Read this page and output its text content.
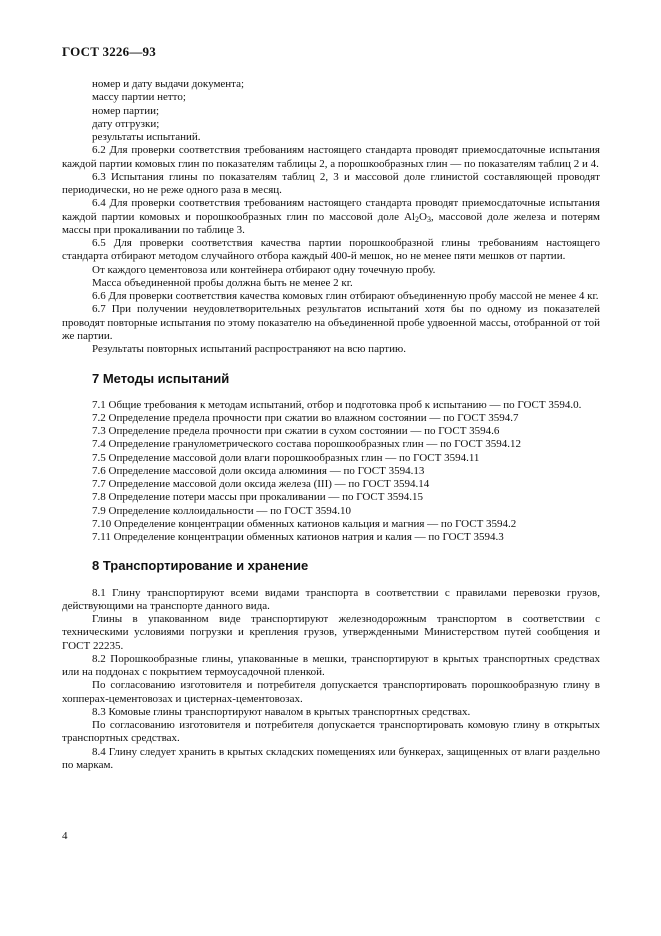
ГОСТ 3226—93

номер и дату выдачи документа;

массу партии нетто;

номер партии;

дату отгрузки;

результаты испытаний.

6.2 Для проверки соответствия требованиям настоящего стандарта проводят приемосдаточные испытания каждой партии комовых глин по показателям таблицы 2, а порошкообразных глин — по показателям таблиц 2 и 4.

6.3 Испытания глины по показателям таблиц 2, 3 и массовой доле глинистой составляющей проводят периодически, но не реже одного раза в месяц.

6.4 Для проверки соответствия требованиям настоящего стандарта проводят приемосдаточные испытания каждой партии комовых и порошкообразных глин по массовой доле $Al_2O_3$, массовой доле железа и потерям массы при прокаливании по таблице 3.

6.5 Для проверки соответствия качества партии порошкообразной глины требованиям настоящего стандарта отбирают методом случайного отбора каждый 400-й мешок, но не менее пяти мешков от партии.

От каждого цементовоза или контейнера отбирают одну точечную пробу.

Масса объединенной пробы должна быть не менее 2 кг.

6.6 Для проверки соответствия качества комовых глин отбирают объединенную пробу массой не менее 4 кг.

6.7 При получении неудовлетворительных результатов испытаний хотя бы по одному из показателей проводят повторные испытания по этому показателю на объединенной пробе удвоенной массы, отобранной от той же партии.

Результаты повторных испытаний распространяют на всю партию.

7 Методы испытаний

7.1 Общие требования к методам испытаний, отбор и подготовка проб к испытанию — по ГОСТ 3594.0.

7.2 Определение предела прочности при сжатии во влажном состоянии — по ГОСТ 3594.7

7.3 Определение предела прочности при сжатии в сухом состоянии — по ГОСТ 3594.6

7.4 Определение гранулометрического состава порошкообразных глин — по ГОСТ 3594.12

7.5 Определение массовой доли влаги порошкообразных глин — по ГОСТ 3594.11

7.6 Определение массовой доли оксида алюминия — по ГОСТ 3594.13

7.7 Определение массовой доли оксида железа (III) — по ГОСТ 3594.14

7.8 Определение потери массы при прокаливании — по ГОСТ 3594.15

7.9 Определение коллоидальности — по ГОСТ 3594.10

7.10 Определение концентрации обменных катионов кальция и магния — по ГОСТ 3594.2

7.11 Определение концентрации обменных катионов натрия и калия — по ГОСТ 3594.3

8 Транспортирование и хранение

8.1 Глину транспортируют всеми видами транспорта в соответствии с правилами перевозки грузов, действующими на транспорте данного вида.

Глины в упакованном виде транспортируют железнодорожным транспортом в соответствии с техническими условиями погрузки и крепления грузов, утвержденными Министерством путей сообщения и ГОСТ 22235.

8.2 Порошкообразные глины, упакованные в мешки, транспортируют в крытых транспортных средствах или на поддонах с покрытием термоусадочной пленкой.

По согласованию изготовителя и потребителя допускается транспортировать порошкообразную глину в хопперах-цементовозах и цистернах-цементовозах.

8.3 Комовые глины транспортируют навалом в крытых транспортных средствах.

По согласованию изготовителя и потребителя допускается транспортировать комовую глину в открытых транспортных средствах.

8.4 Глину следует хранить в крытых складских помещениях или бункерах, защищенных от влаги раздельно по маркам.

4
